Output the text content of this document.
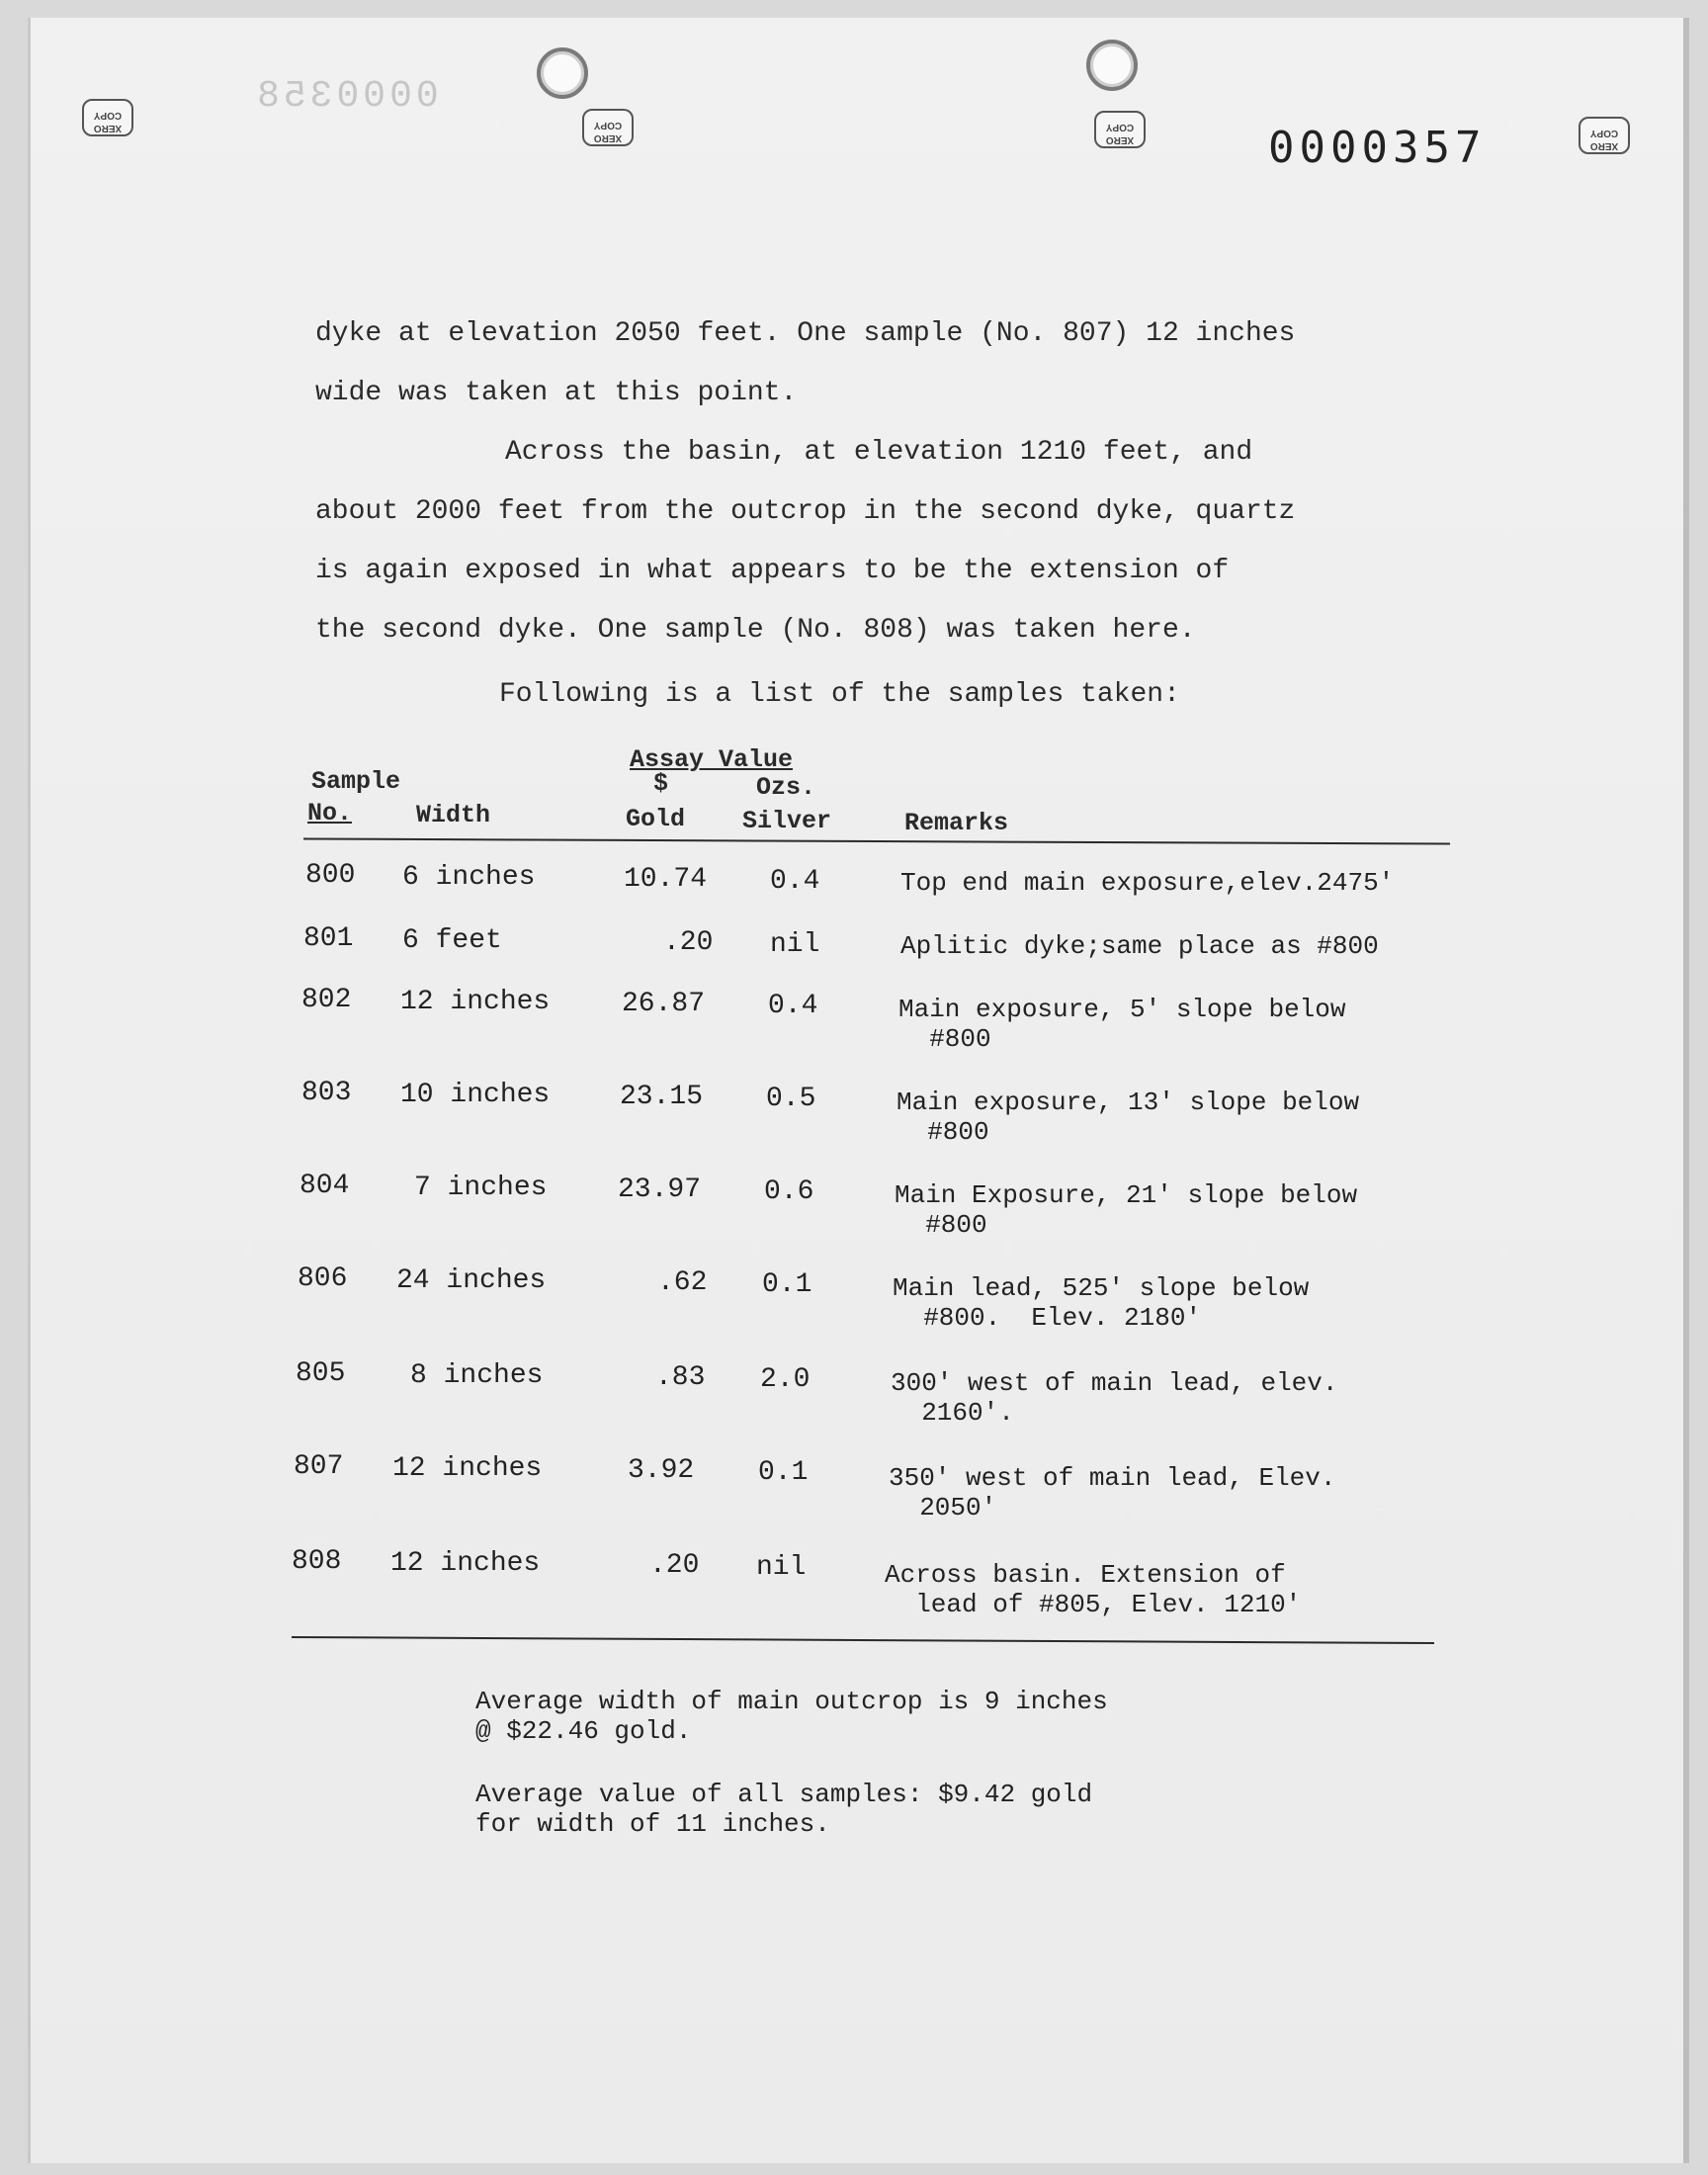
XERO COPY
XERO COPY
XERO COPY
XERO COPY
0000358
0000357
dyke at elevation 2050 feet. One sample (No. 807) 12 inches
wide was taken at this point.
Across the basin, at elevation 1210 feet, and
about 2000 feet from the outcrop in the second dyke, quartz
is again exposed in what appears to be the extension of
the second dyke. One sample (No. 808) was taken here.
Following is a list of the samples taken:
Assay Value
$	Ozs.
Sample
No.	Width	Gold Silver	Remarks
800 6 inches	10.74 0.4	Top end main exposure,elev.2475'
801 6 feet	.20 nil	Aplitic dyke;same place as #800
802 12 inches	26.87 0.4	Main exposure, 5' slope below
#800
803 10 inches	23.15 0.5	Main exposure, 13' slope below
#800
804 7 inches	23.97 0.6	Main Exposure, 21' slope below
#800
806 24 inches	.62 0.1	Main lead, 525' slope below
#800.  Elev. 2180'
805 8 inches	.83 2.0	300' west of main lead, elev.
2160'.
807 12 inches	3.92 0.1	350' west of main lead, Elev.
2050'
808 12 inches	.20 nil	Across basin. Extension of
lead of #805, Elev. 1210'
Average width of main outcrop is 9 inches
@ $22.46 gold.
Average value of all samples: $9.42 gold
for width of 11 inches.
